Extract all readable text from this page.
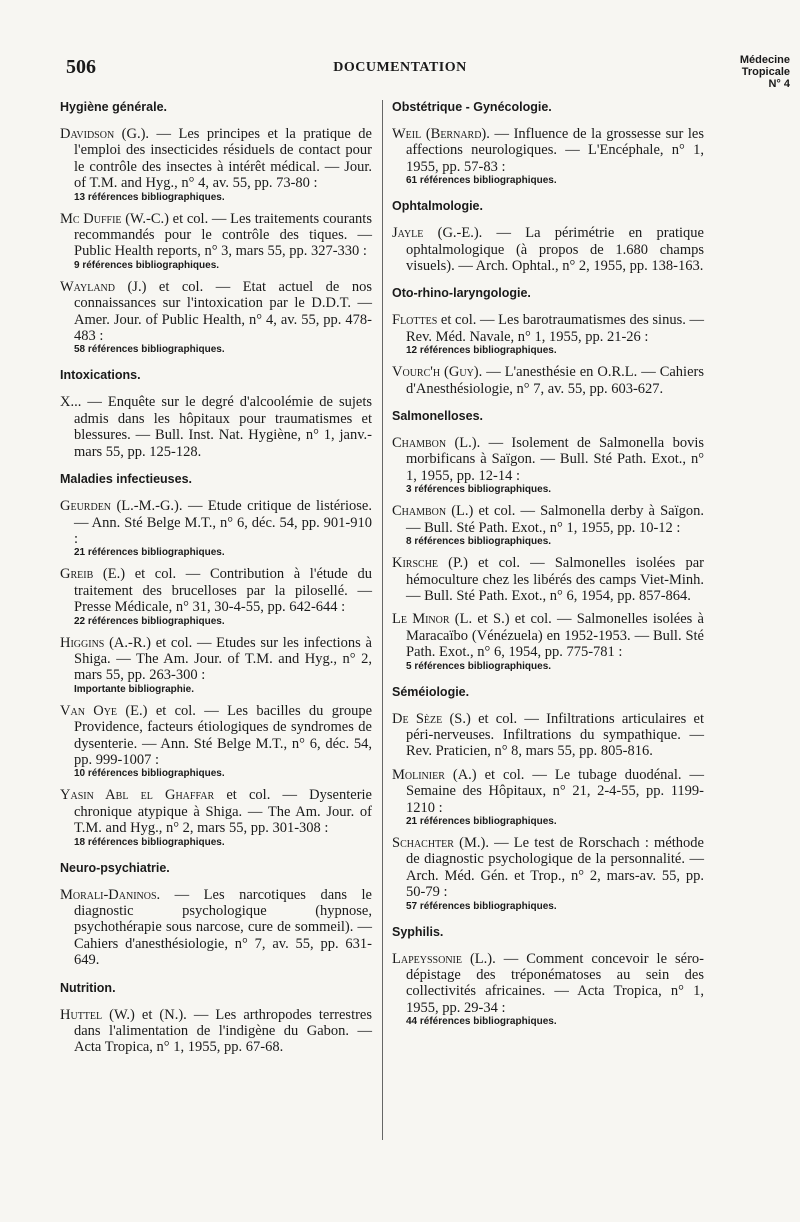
506	DOCUMENTATION	Médecine
Tropicale
N° 4
Hygiène générale.

Davidson (G.). — Les principes et la pratique de l'emploi des insecticides résiduels de contact pour le contrôle des insectes à intérêt médical. — Jour. of T.M. and Hyg., n° 4, av. 55, pp. 73-80 :

13 références bibliographiques.

Mc Duffie (W.-C.) et col. — Les traitements courants recommandés pour le contrôle des tiques. — Public Health reports, n° 3, mars 55, pp. 327-330 :

9 références bibliographiques.

Wayland (J.) et col. — Etat actuel de nos connaissances sur l'intoxication par le D.D.T. — Amer. Jour. of Public Health, n° 4, av. 55, pp. 478-483 :

58 références bibliographiques.
Intoxications.

X... — Enquête sur le degré d'alcoolémie de sujets admis dans les hôpitaux pour traumatismes et blessures. — Bull. Inst. Nat. Hygiène, n° 1, janv.-mars 55, pp. 125-128.

Maladies infectieuses.

Geurden (L.-M.-G.). — Etude critique de listériose. — Ann. Sté Belge M.T., n° 6, déc. 54, pp. 901-910 :

21 références bibliographiques.

Greib (E.) et col. — Contribution à l'étude du traitement des brucelloses par la pilosellé. — Presse Médicale, n° 31, 30-4-55, pp. 642-644 :

22 références bibliographiques.

Higgins (A.-R.) et col. — Etudes sur les infections à Shiga. — The Am. Jour. of T.M. and Hyg., n° 2, mars 55, pp. 263-300 :

Importante bibliographie.

Van Oye (E.) et col. — Les bacilles du groupe Providence, facteurs étiologiques de syndromes de dysenterie. — Ann. Sté Belge M.T., n° 6, déc. 54, pp. 999-1007 :

10 références bibliographiques.

Yasin Abl el Ghaffar et col. — Dysenterie chronique atypique à Shiga. — The Am. Jour. of T.M. and Hyg., n° 2, mars 55, pp. 301-308 :

18 références bibliographiques.
Neuro-psychiatrie.

Morali-Daninos. — Les narcotiques dans le diagnostic psychologique (hypnose, psychothérapie sous narcose, cure de sommeil). — Cahiers d'anesthésiologie, n° 7, av. 55, pp. 631-649.

Nutrition.

Huttel (W.) et (N.). — Les arthropodes terrestres dans l'alimentation de l'indigène du Gabon. — Acta Tropica, n° 1, 1955, pp. 67-68.

Obstétrique - Gynécologie.

Weil (Bernard). — Influence de la grossesse sur les affections neurologiques. — L'Encéphale, n° 1, 1955, pp. 57-83 :

61 références bibliographiques.
Ophtalmologie.

Jayle (G.-E.). — La périmétrie en pratique ophtalmologique (à propos de 1.680 champs visuels). — Arch. Ophtal., n° 2, 1955, pp. 138-163.

Oto-rhino-laryngologie.

Flottes et col. — Les barotraumatismes des sinus. — Rev. Méd. Navale, n° 1, 1955, pp. 21-26 :

12 références bibliographiques.

Vourc'h (Guy). — L'anesthésie en O.R.L. — Cahiers d'Anesthésiologie, n° 7, av. 55, pp. 603-627.

Salmonelloses.

Chambon (L.). — Isolement de Salmonella bovis morbificans à Saïgon. — Bull. Sté Path. Exot., n° 1, 1955, pp. 12-14 :

3 références bibliographiques.

Chambon (L.) et col. — Salmonella derby à Saïgon. — Bull. Sté Path. Exot., n° 1, 1955, pp. 10-12 :

8 références bibliographiques.

Kirsche (P.) et col. — Salmonelles isolées par hémoculture chez les libérés des camps Viet-Minh. — Bull. Sté Path. Exot., n° 6, 1954, pp. 857-864.

Le Minor (L. et S.) et col. — Salmonelles isolées à Maracaïbo (Vénézuela) en 1952-1953. — Bull. Sté Path. Exot., n° 6, 1954, pp. 775-781 :

5 références bibliographiques.
Séméiologie.

De Sèze (S.) et col. — Infiltrations articulaires et péri-nerveuses. Infiltrations du sympathique. — Rev. Praticien, n° 8, mars 55, pp. 805-816.

Molinier (A.) et col. — Le tubage duodénal. — Semaine des Hôpitaux, n° 21, 2-4-55, pp. 1199-1210 :

21 références bibliographiques.

Schachter (M.). — Le test de Rorschach : méthode de diagnostic psychologique de la personnalité. — Arch. Méd. Gén. et Trop., n° 2, mars-av. 55, pp. 50-79 :

57 références bibliographiques.
Syphilis.

Lapeyssonie (L.). — Comment concevoir le séro-dépistage des tréponématoses au sein des collectivités africaines. — Acta Tropica, n° 1, 1955, pp. 29-34 :

44 références bibliographiques.
